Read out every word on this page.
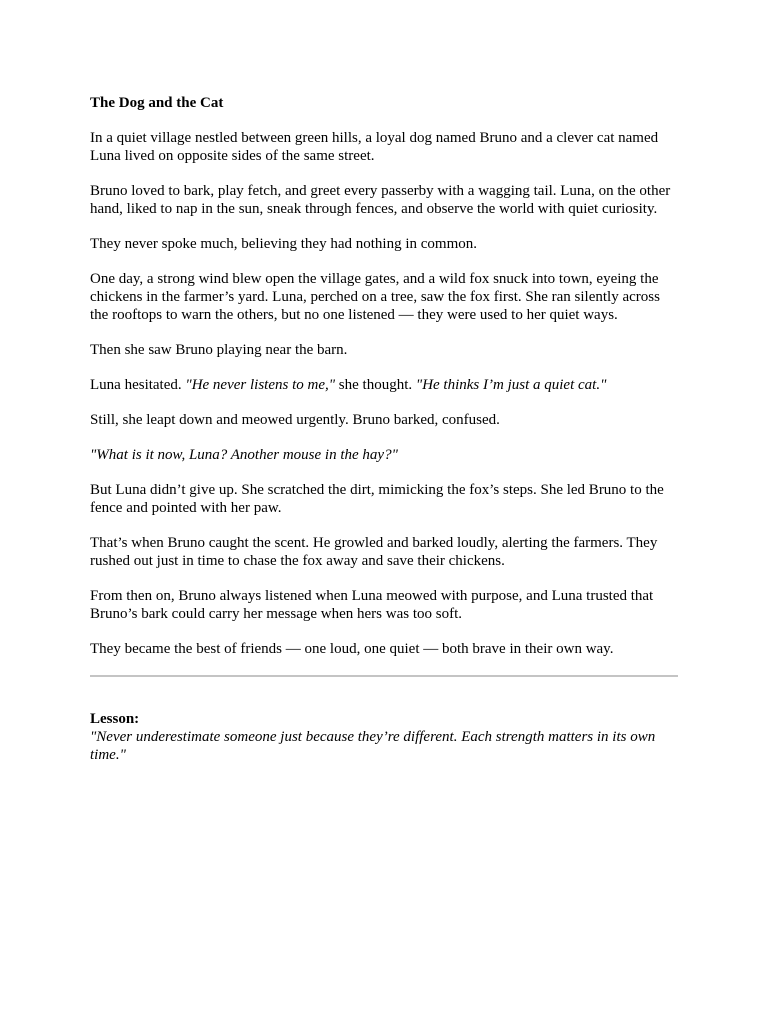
The Dog and the Cat

In a quiet village nestled between green hills, a loyal dog named Bruno and a clever cat named Luna lived on opposite sides of the same street.

Bruno loved to bark, play fetch, and greet every passerby with a wagging tail. Luna, on the other hand, liked to nap in the sun, sneak through fences, and observe the world with quiet curiosity.

They never spoke much, believing they had nothing in common.

One day, a strong wind blew open the village gates, and a wild fox snuck into town, eyeing the chickens in the farmer’s yard. Luna, perched on a tree, saw the fox first. She ran silently across the rooftops to warn the others, but no one listened — they were used to her quiet ways.

Then she saw Bruno playing near the barn.

Luna hesitated. "He never listens to me," she thought. "He thinks I’m just a quiet cat."

Still, she leapt down and meowed urgently. Bruno barked, confused.

"What is it now, Luna? Another mouse in the hay?"

But Luna didn’t give up. She scratched the dirt, mimicking the fox’s steps. She led Bruno to the fence and pointed with her paw.

That’s when Bruno caught the scent. He growled and barked loudly, alerting the farmers. They rushed out just in time to chase the fox away and save their chickens.

From then on, Bruno always listened when Luna meowed with purpose, and Luna trusted that Bruno’s bark could carry her message when hers was too soft.

They became the best of friends — one loud, one quiet — both brave in their own way.

Lesson:

"Never underestimate someone just because they’re different. Each strength matters in its own time."
